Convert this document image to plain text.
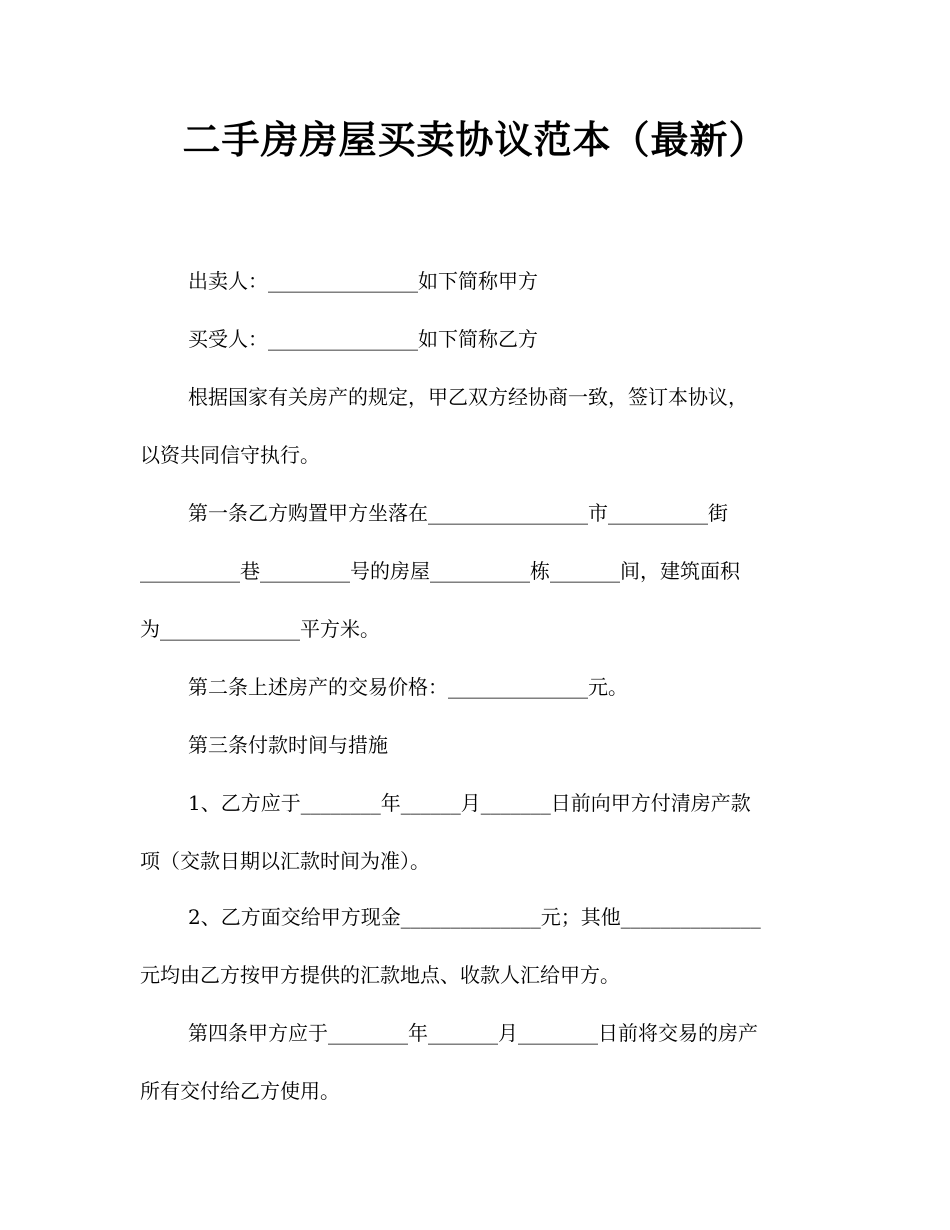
二手房房屋买卖协议范本（最新）
出卖人：_______________如下简称甲方
买受人：_______________如下简称乙方
根据国家有关房产的规定，甲乙双方经协商一致，签订本协议，
以资共同信守执行。
第一条乙方购置甲方坐落在________________市__________街
__________巷_________号的房屋__________栋_______间，建筑面积
为______________平方米。
第二条上述房产的交易价格：______________元。
第三条付款时间与措施
1、乙方应于________年______月_______日前向甲方付清房产款
项（交款日期以汇款时间为准）。
2、乙方面交给甲方现金______________元；其他______________
元均由乙方按甲方提供的汇款地点、收款人汇给甲方。
第四条甲方应于________年_______月________日前将交易的房产
所有交付给乙方使用。
